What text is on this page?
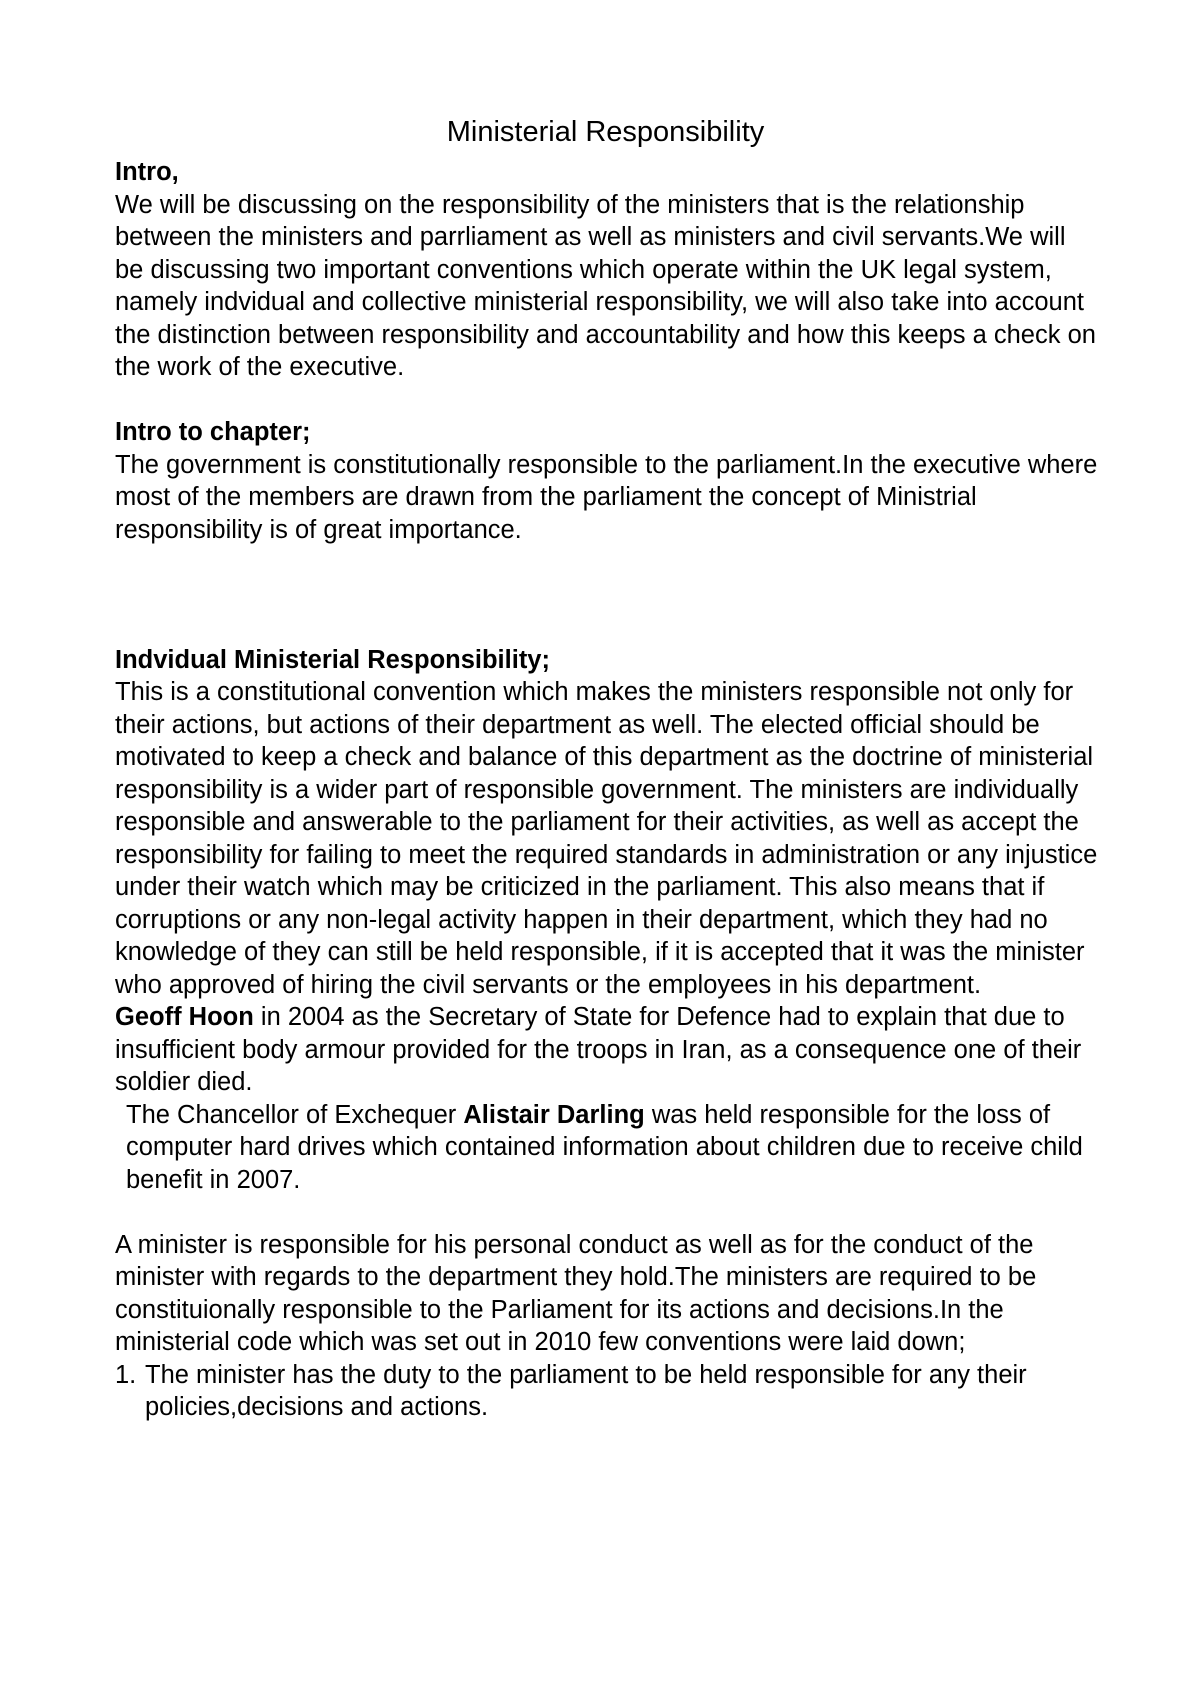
Ministerial Responsibility

Intro,

We will be discussing on the responsibility of the ministers that is the relationship between the ministers and parrliament as well as ministers and civil servants.We will be discussing two important conventions which operate within the UK legal system, namely indvidual and collective ministerial responsibility, we will also take into account the distinction between responsibility and accountability and how this keeps a check on the work of the executive.

Intro to chapter;

The government is constitutionally responsible to the parliament.In the executive where most of the members are drawn from the parliament the concept of Ministrial responsibility is of great importance.

Indvidual Ministerial Responsibility;

This is a constitutional convention which makes the ministers responsible not only for their actions, but actions of their department as well. The elected official should be motivated to keep a check and balance of this department as the doctrine of ministerial responsibility is a wider part of responsible government. The ministers are individually responsible and answerable to the parliament for their activities, as well as accept the responsibility for failing to meet the required standards in administration or any injustice under their watch which may be criticized in the parliament. This also means that if corruptions or any non-legal activity happen in their department, which they had no knowledge of they can still be held responsible, if it is accepted that it was the minister who approved of hiring the civil servants or the employees in his department.

Geoff Hoon in 2004 as the Secretary of State for Defence had to explain that due to insufficient body armour provided for the troops in Iran, as a consequence one of their soldier died.

The Chancellor of Exchequer Alistair Darling was held responsible for the loss of computer hard drives which contained information about children due to receive child benefit in 2007.

A minister is responsible for his personal conduct as well as for the conduct of the minister with regards to the department they hold.The ministers are required to be constituionally responsible to the Parliament for its actions and decisions.In the ministerial code which was set out in 2010 few conventions were laid down;

1. The minister has the duty to the parliament to be held responsible for any their policies,decisions and actions.
